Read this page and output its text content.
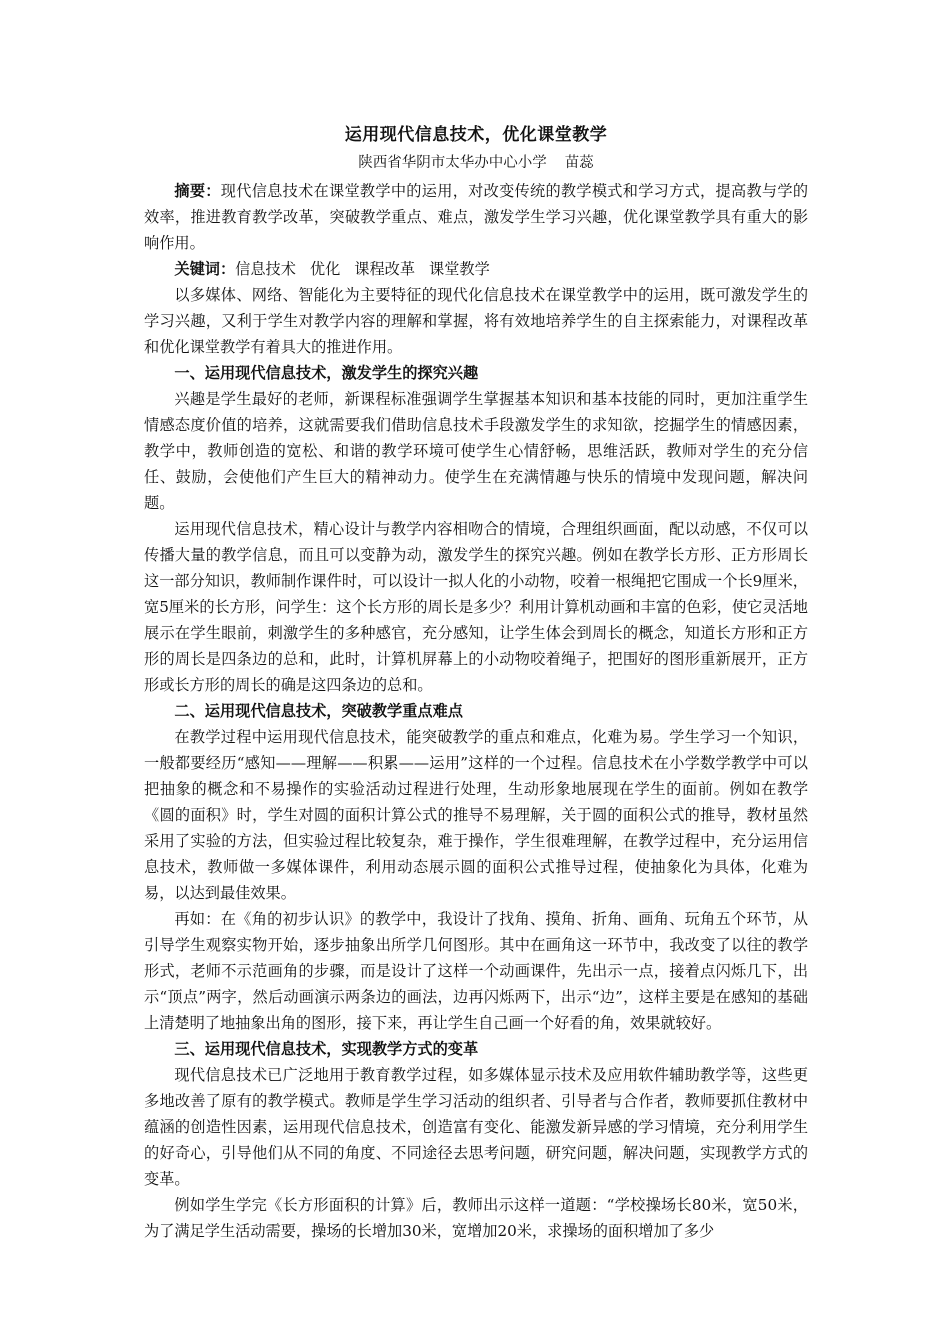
运用现代信息技术，优化课堂教学
陕西省华阴市太华办中心小学 苗蕊

摘要：现代信息技术在课堂教学中的运用，对改变传统的教学模式和学习方式，提高教与学的效率，推进教育教学改革，突破教学重点、难点，激发学生学习兴趣，优化课堂教学具有重大的影响作用。

关键词：信息技术 优化 课程改革 课堂教学

以多媒体、网络、智能化为主要特征的现代化信息技术在课堂教学中的运用，既可激发学生的学习兴趣，又利于学生对教学内容的理解和掌握，将有效地培养学生的自主探索能力，对课程改革和优化课堂教学有着具大的推进作用。

一、运用现代信息技术，激发学生的探究兴趣

兴趣是学生最好的老师，新课程标准强调学生掌握基本知识和基本技能的同时，更加注重学生情感态度价值的培养，这就需要我们借助信息技术手段激发学生的求知欲，挖掘学生的情感因素，教学中，教师创造的宽松、和谐的教学环境可使学生心情舒畅，思维活跃，教师对学生的充分信任、鼓励，会使他们产生巨大的精神动力。使学生在充满情趣与快乐的情境中发现问题，解决问题。

运用现代信息技术，精心设计与教学内容相吻合的情境，合理组织画面，配以动感，不仅可以传播大量的教学信息，而且可以变静为动，激发学生的探究兴趣。例如在教学长方形、正方形周长这一部分知识，教师制作课件时，可以设计一拟人化的小动物，咬着一根绳把它围成一个长9厘米，宽5厘米的长方形，问学生：这个长方形的周长是多少？利用计算机动画和丰富的色彩，使它灵活地展示在学生眼前，刺激学生的多种感官，充分感知，让学生体会到周长的概念，知道长方形和正方形的周长是四条边的总和，此时，计算机屏幕上的小动物咬着绳子，把围好的图形重新展开，正方形或长方形的周长的确是这四条边的总和。

二、运用现代信息技术，突破教学重点难点

在教学过程中运用现代信息技术，能突破教学的重点和难点，化难为易。学生学习一个知识，一般都要经历“感知——理解——积累——运用”这样的一个过程。信息技术在小学数学教学中可以把抽象的概念和不易操作的实验活动过程进行处理，生动形象地展现在学生的面前。例如在教学《圆的面积》时，学生对圆的面积计算公式的推导不易理解，关于圆的面积公式的推导，教材虽然采用了实验的方法，但实验过程比较复杂，难于操作，学生很难理解，在教学过程中，充分运用信息技术，教师做一多媒体课件，利用动态展示圆的面积公式推导过程，使抽象化为具体，化难为易，以达到最佳效果。

再如：在《角的初步认识》的教学中，我设计了找角、摸角、折角、画角、玩角五个环节，从引导学生观察实物开始，逐步抽象出所学几何图形。其中在画角这一环节中，我改变了以往的教学形式，老师不示范画角的步骤，而是设计了这样一个动画课件，先出示一点，接着点闪烁几下，出示“顶点”两字，然后动画演示两条边的画法，边再闪烁两下，出示“边”，这样主要是在感知的基础上清楚明了地抽象出角的图形，接下来，再让学生自己画一个好看的角，效果就较好。

三、运用现代信息技术，实现教学方式的变革

现代信息技术已广泛地用于教育教学过程，如多媒体显示技术及应用软件辅助教学等，这些更多地改善了原有的教学模式。教师是学生学习活动的组织者、引导者与合作者，教师要抓住教材中蕴涵的创造性因素，运用现代信息技术，创造富有变化、能激发新异感的学习情境，充分利用学生的好奇心，引导他们从不同的角度、不同途径去思考问题，研究问题，解决问题，实现教学方式的变革。

例如学生学完《长方形面积的计算》后，教师出示这样一道题：“学校操场长80米，宽50米，为了满足学生活动需要，操场的长增加30米，宽增加20米，求操场的面积增加了多少
